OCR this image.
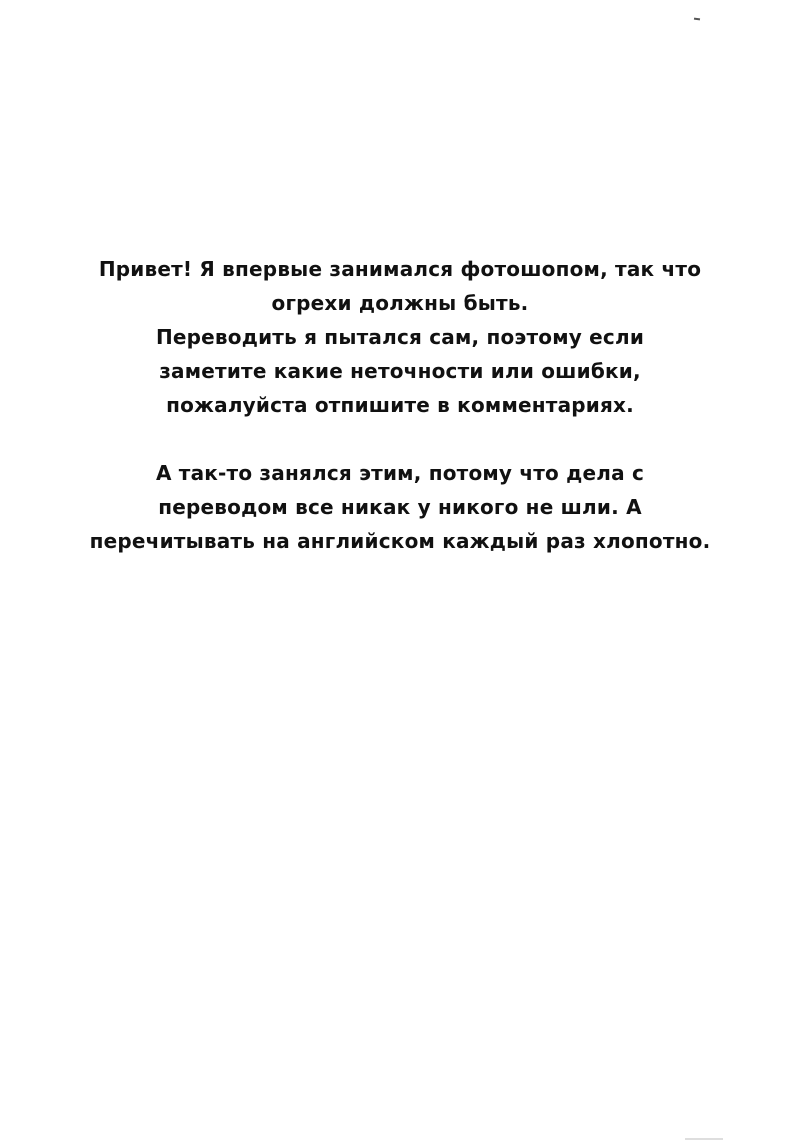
Привет! Я впервые занимался фотошопом, так что
огрехи должны быть.
Переводить я пытался сам, поэтому если
заметите какие неточности или ошибки,
пожалуйста отпишите в комментариях.
А так-то занялся этим, потому что дела с
переводом все никак у никого не шли. А
перечитывать на английском каждый раз хлопотно.
